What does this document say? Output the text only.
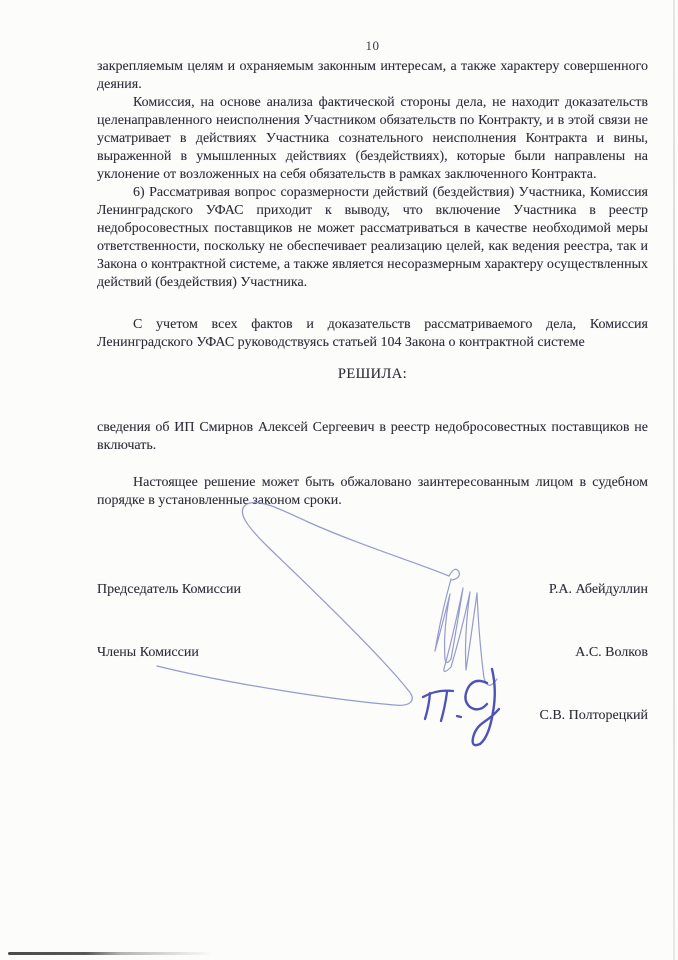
10

закрепляемым целям и охраняемым законным интересам, а также характеру совершенного деяния.

Комиссия, на основе анализа фактической стороны дела, не находит доказательств целенаправленного неисполнения Участником обязательств по Контракту, и в этой связи не усматривает в действиях Участника сознательного неисполнения Контракта и вины, выраженной в умышленных действиях (бездействиях), которые были направлены на уклонение от возложенных на себя обязательств в рамках заключенного Контракта.

6) Рассматривая вопрос соразмерности действий (бездействия) Участника, Комиссия Ленинградского УФАС приходит к выводу, что включение Участника в реестр недобросовестных поставщиков не может рассматриваться в качестве необходимой меры ответственности, поскольку не обеспечивает реализацию целей, как ведения реестра, так и Закона о контрактной системе, а также является несоразмерным характеру осуществленных действий (бездействия) Участника.

С учетом всех фактов и доказательств рассматриваемого дела, Комиссия Ленинградского УФАС руководствуясь статьей 104 Закона о контрактной системе

РЕШИЛА:

сведения об ИП Смирнов Алексей Сергеевич в реестр недобросовестных поставщиков не включать.

Настоящее решение может быть обжаловано заинтересованным лицом в судебном порядке в установленные законом сроки.

Председатель Комиссии	Р.А. Абейдуллин
Члены Комиссии	А.С. Волков
С.В. Полторецкий
